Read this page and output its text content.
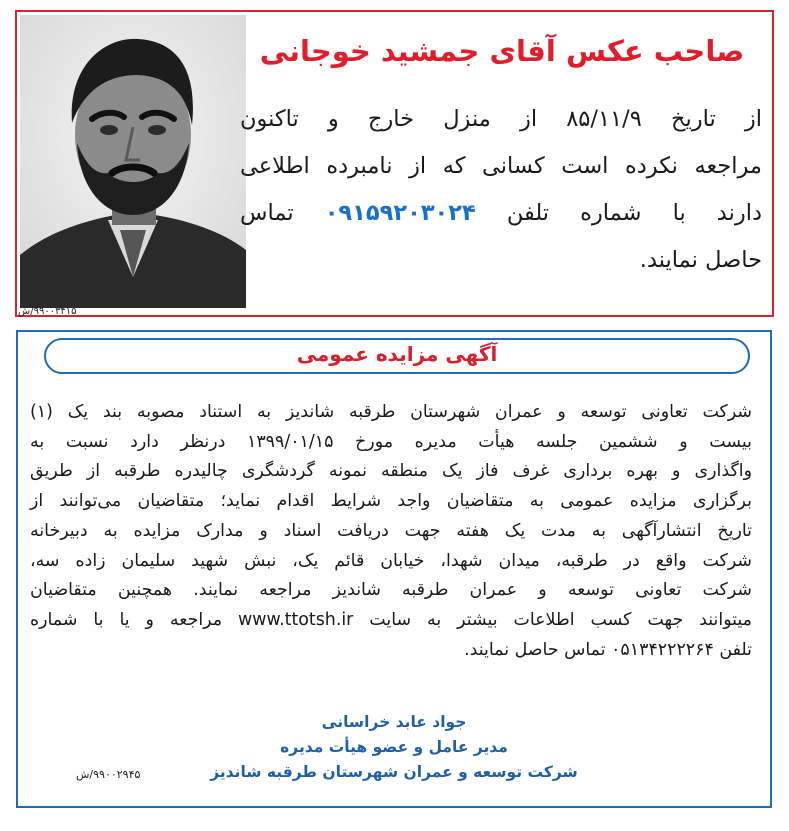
۹۹۰۰۳۴۱۵/ش
صاحب عکس آقای جمشید خوجانی
از تاریخ ۸۵/۱۱/۹ از منزل خارج و تاکنون
مراجعه نکرده است کسانی که از نامبرده اطلاعی
دارند با شماره تلفن ۰۹۱۵۹۲۰۳۰۲۴ تماس
حاصل نمایند.
آگهی مزایده عمومی
شرکت تعاونی توسعه و عمران شهرستان طرقبه شاندیز به استناد مصوبه بند یک (۱)
بیست و ششمین جلسه هیأت مدیره مورخ ۱۳۹۹/۰۱/۱۵ درنظر دارد نسبت به
واگذاری و بهره برداری غرف فاز یک منطقه نمونه گردشگری چالیدره طرقبه از طریق
برگزاری مزایده عمومی به متقاضیان واجد شرایط اقدام نماید؛ متقاضیان می‌توانند از
تاریخ انتشارآگهی به مدت یک هفته جهت دریافت اسناد و مدارک مزایده به دبیرخانه
شرکت واقع در طرقبه، میدان شهدا، خیابان قائم یک، نبش شهید سلیمان زاده سه،
شرکت تعاونی توسعه و عمران طرقبه شاندیز مراجعه نمایند. همچنین متقاضیان
میتوانند جهت کسب اطلاعات بیشتر به سایت www.ttotsh.ir مراجعه و یا با شماره
تلفن ۰۵۱۳۴۲۲۲۲۶۴ تماس حاصل نمایند.
جواد عابد خراسانی
مدیر عامل و عضو هیأت مدیره
شرکت توسعه و عمران شهرستان طرقبه شاندیز
۹۹۰۰۲۹۴۵/ش
